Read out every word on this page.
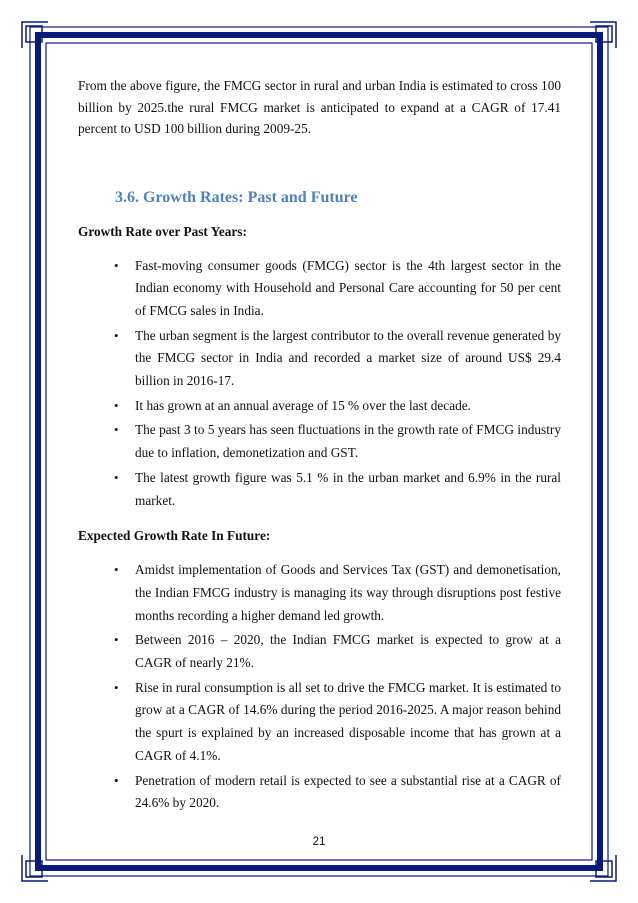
From the above figure, the FMCG sector in rural and urban India is estimated to cross 100 billion by 2025.the rural FMCG market is anticipated to expand at a CAGR of 17.41 percent to USD 100 billion during 2009-25.

3.6. Growth Rates: Past and Future
Growth Rate over Past Years:
• Fast-moving consumer goods (FMCG) sector is the 4th largest sector in the Indian economy with Household and Personal Care accounting for 50 per cent of FMCG sales in India.
• The urban segment is the largest contributor to the overall revenue generated by the FMCG sector in India and recorded a market size of around US$ 29.4 billion in 2016-17.
• It has grown at an annual average of 15 % over the last decade.
• The past 3 to 5 years has seen fluctuations in the growth rate of FMCG industry due to inflation, demonetization and GST.
• The latest growth figure was 5.1 % in the urban market and 6.9% in the rural market.
Expected Growth Rate In Future:
• Amidst implementation of Goods and Services Tax (GST) and demonetisation, the Indian FMCG industry is managing its way through disruptions post festive months recording a higher demand led growth.
• Between 2016 – 2020, the Indian FMCG market is expected to grow at a CAGR of nearly 21%.
• Rise in rural consumption is all set to drive the FMCG market. It is estimated to grow at a CAGR of 14.6% during the period 2016-2025. A major reason behind the spurt is explained by an increased disposable income that has grown at a CAGR of 4.1%.
• Penetration of modern retail is expected to see a substantial rise at a CAGR of 24.6% by 2020.
21
